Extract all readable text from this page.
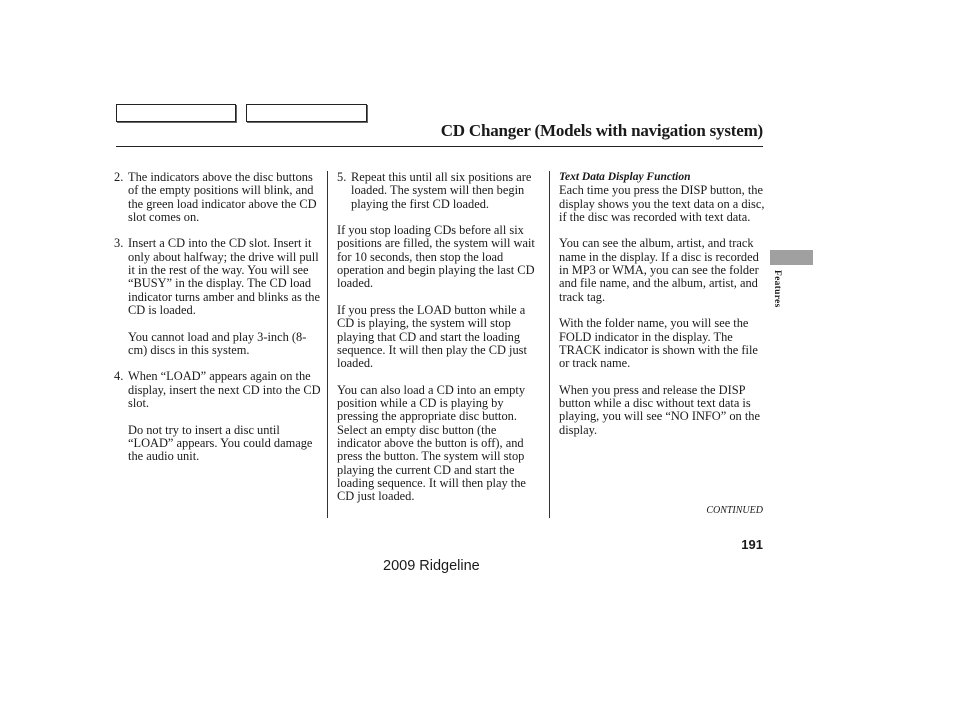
CD Changer (Models with navigation system)
2. The indicators above the disc buttons of the empty positions will blink, and the green load indicator above the CD slot comes on.
3. Insert a CD into the CD slot. Insert it only about halfway; the drive will pull it in the rest of the way. You will see “BUSY” in the display. The CD load indicator turns amber and blinks as the CD is loaded.

You cannot load and play 3-inch (8-cm) discs in this system.

4. When “LOAD” appears again on the display, insert the next CD into the CD slot.

Do not try to insert a disc until “LOAD” appears. You could damage the audio unit.

5. Repeat this until all six positions are loaded. The system will then begin playing the first CD loaded.

If you stop loading CDs before all six positions are filled, the system will wait for 10 seconds, then stop the load operation and begin playing the last CD loaded.

If you press the LOAD button while a CD is playing, the system will stop playing that CD and start the loading sequence. It will then play the CD just loaded.

You can also load a CD into an empty position while a CD is playing by pressing the appropriate disc button. Select an empty disc button (the indicator above the button is off), and press the button. The system will stop playing the current CD and start the loading sequence. It will then play the CD just loaded.

Text Data Display Function

Each time you press the DISP button, the display shows you the text data on a disc, if the disc was recorded with text data.

You can see the album, artist, and track name in the display. If a disc is recorded in MP3 or WMA, you can see the folder and file name, and the album, artist, and track tag.

With the folder name, you will see the FOLD indicator in the display. The TRACK indicator is shown with the file or track name.

When you press and release the DISP button while a disc without text data is playing, you will see “NO INFO” on the display.

Features
CONTINUED
191
2009 Ridgeline
